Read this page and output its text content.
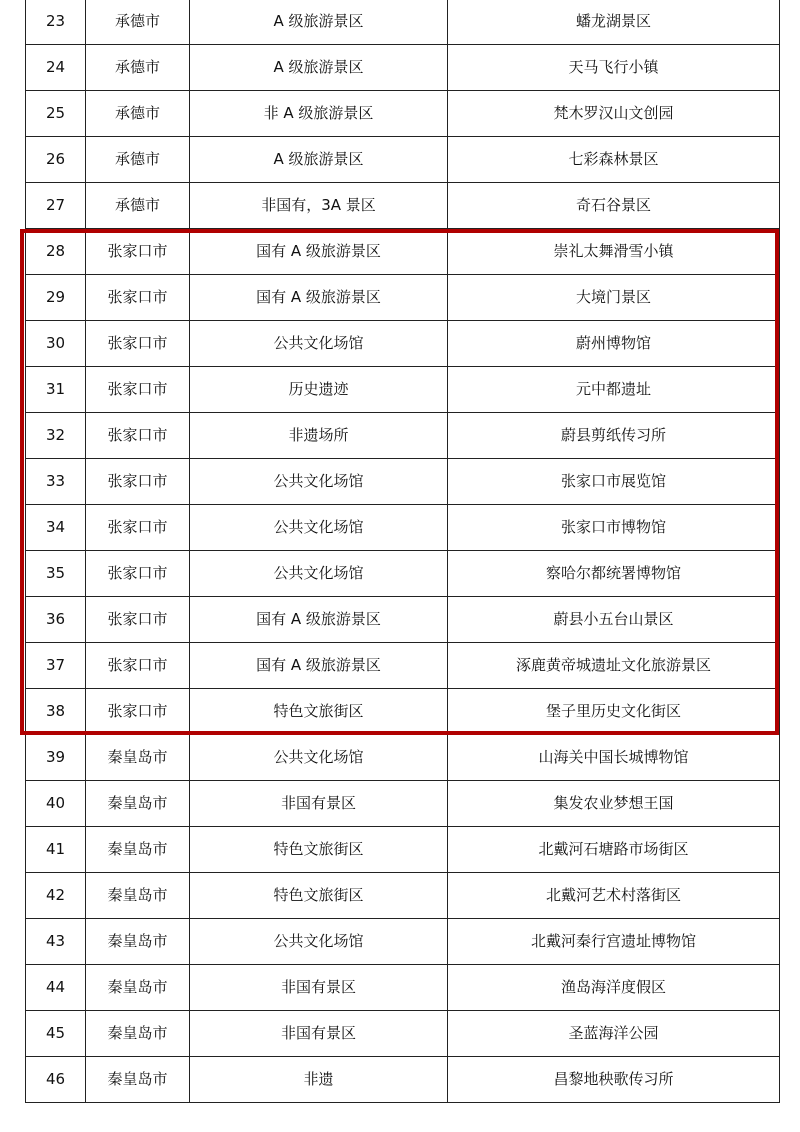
23	承德市	A 级旅游景区	蟠龙湖景区
24	承德市	A 级旅游景区	天马飞行小镇
25	承德市	非 A 级旅游景区	梵木罗汉山文创园
26	承德市	A 级旅游景区	七彩森林景区
27	承德市	非国有，3A 景区	奇石谷景区
28	张家口市	国有 A 级旅游景区	崇礼太舞滑雪小镇
29	张家口市	国有 A 级旅游景区	大境门景区
30	张家口市	公共文化场馆	蔚州博物馆
31	张家口市	历史遗迹	元中都遗址
32	张家口市	非遗场所	蔚县剪纸传习所
33	张家口市	公共文化场馆	张家口市展览馆
34	张家口市	公共文化场馆	张家口市博物馆
35	张家口市	公共文化场馆	察哈尔都统署博物馆
36	张家口市	国有 A 级旅游景区	蔚县小五台山景区
37	张家口市	国有 A 级旅游景区	涿鹿黄帝城遗址文化旅游景区
38	张家口市	特色文旅街区	堡子里历史文化街区
39	秦皇岛市	公共文化场馆	山海关中国长城博物馆
40	秦皇岛市	非国有景区	集发农业梦想王国
41	秦皇岛市	特色文旅街区	北戴河石塘路市场街区
42	秦皇岛市	特色文旅街区	北戴河艺术村落街区
43	秦皇岛市	公共文化场馆	北戴河秦行宫遗址博物馆
44	秦皇岛市	非国有景区	渔岛海洋度假区
45	秦皇岛市	非国有景区	圣蓝海洋公园
46	秦皇岛市	非遗	昌黎地秧歌传习所
